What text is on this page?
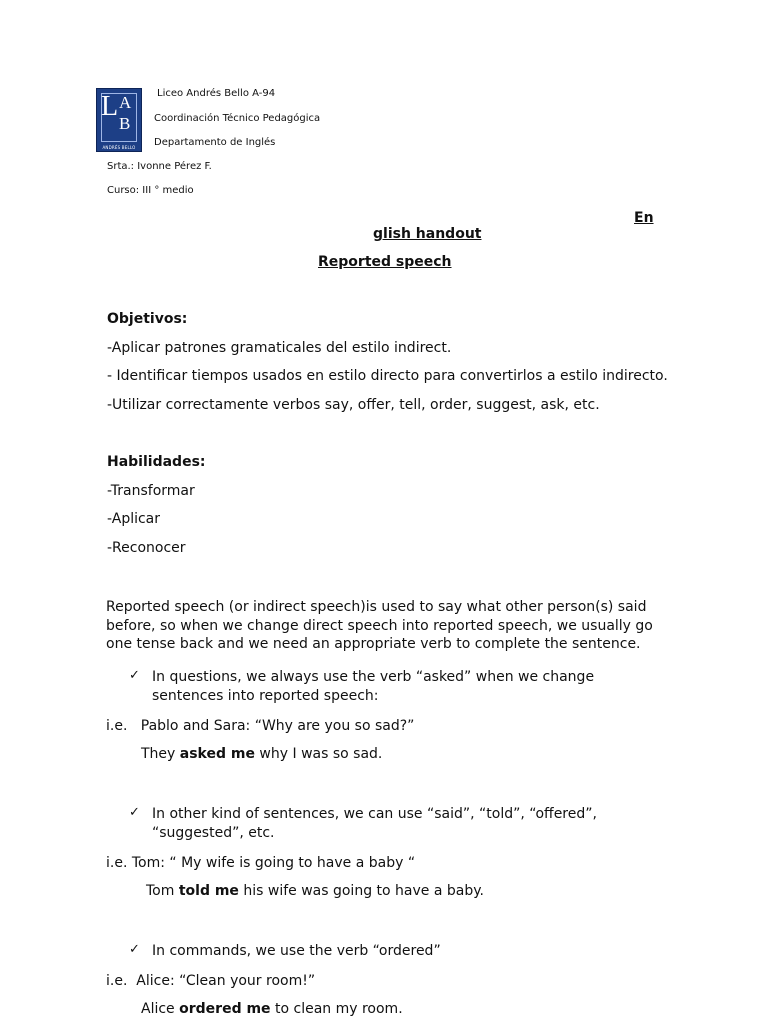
L A
B
ANDRÉS BELLO
Liceo Andrés Bello A-94
Coordinación Técnico Pedagógica
Departamento de Inglés
Srta.: Ivonne Pérez F.
Curso: III ° medio
En
glish handout
Reported speech
Objetivos:
-Aplicar patrones gramaticales del estilo indirect.
- Identificar tiempos usados en estilo directo para convertirlos a estilo indirecto.
-Utilizar correctamente verbos say, offer, tell, order, suggest, ask, etc.
Habilidades:
-Transformar
-Aplicar
-Reconocer
Reported speech (or indirect speech)is used to say what other person(s) said before, so when we change direct speech into reported speech, we usually go one tense back and we need an appropriate verb to complete the sentence.
✓ In questions, we always use the verb “asked” when we change sentences into reported speech:
i.e.   Pablo and Sara: “Why are you so sad?”
They asked me why I was so sad.
✓ In other kind of sentences, we can use “said”, “told”, “offered”, “suggested”, etc.
i.e. Tom: “ My wife is going to have a baby “
Tom told me his wife was going to have a baby.
✓ In commands, we use the verb “ordered”
i.e.  Alice: “Clean your room!”
Alice ordered me to clean my room.
